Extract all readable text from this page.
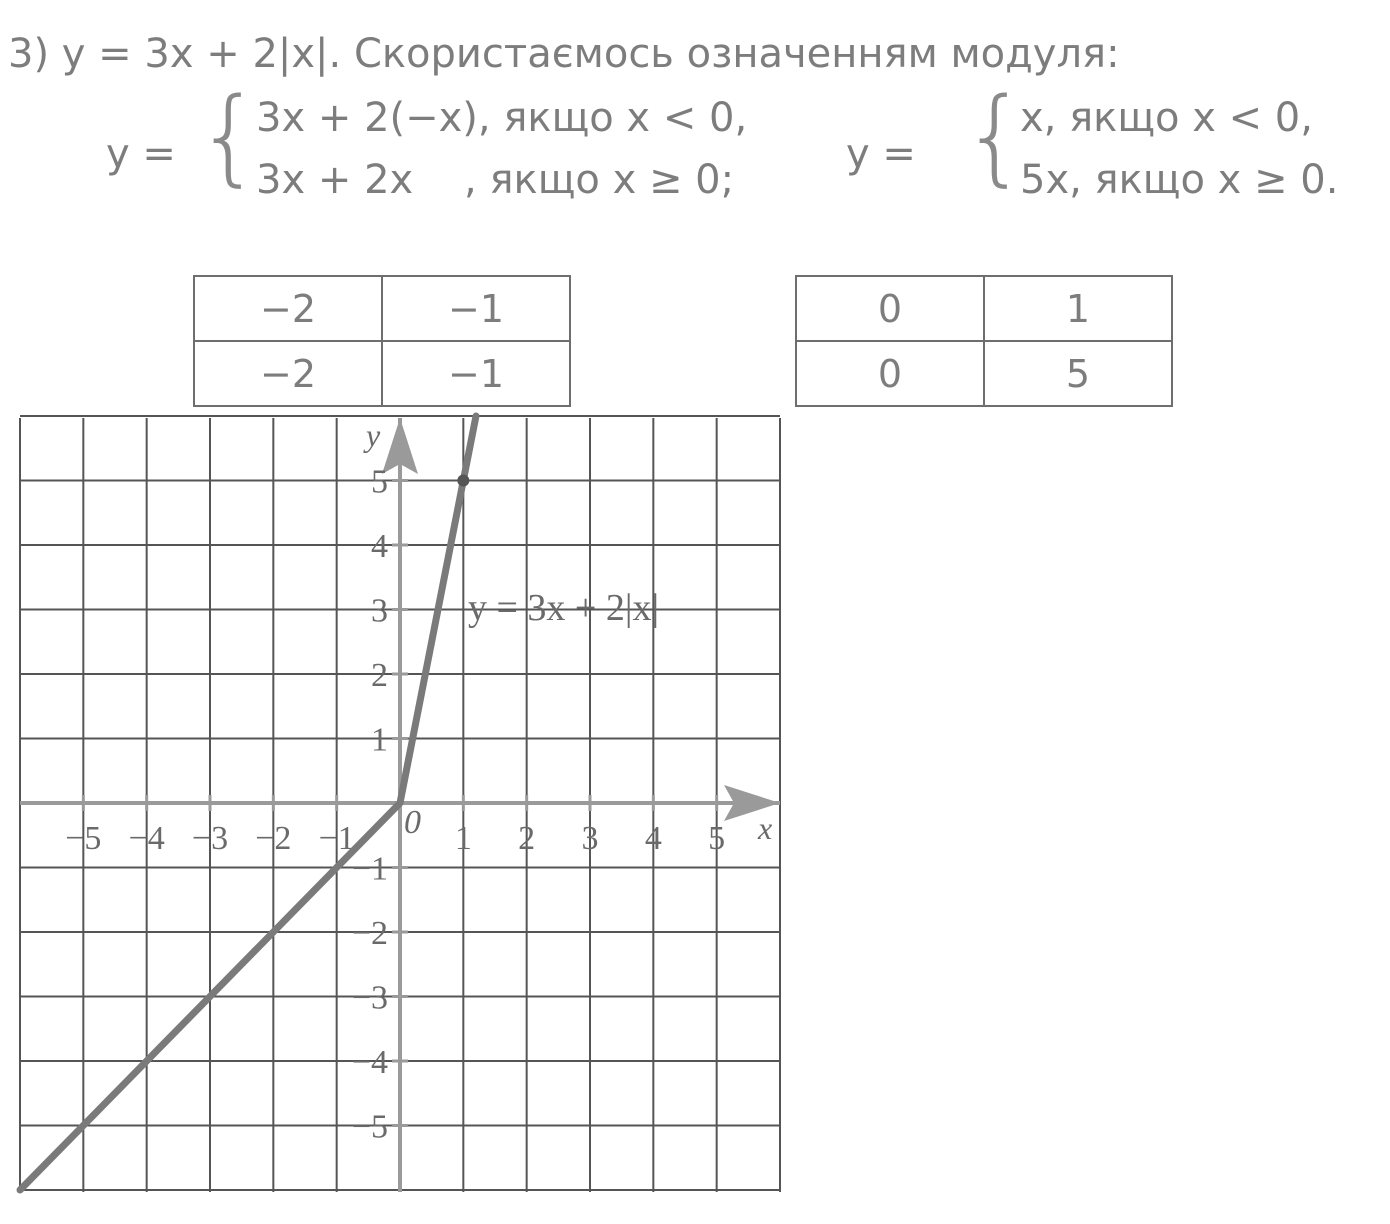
3) y = 3x + 2|x|. Скористаємось означенням модуля:
y = {
3x + 2(−x), якщо x < 0,
3x + 2x    , якщо x ≥ 0;
y = {
x, якщо x < 0,
5x, якщо x ≥ 0.
−2	−1
−2	−1
0	1
0	5
−5 −4 −3 −2 −1	1 2 3 4 5
5
4
3
2
1
−1
−2
−3
−4
−5
0	x
y
y = 3x + 2|x|
